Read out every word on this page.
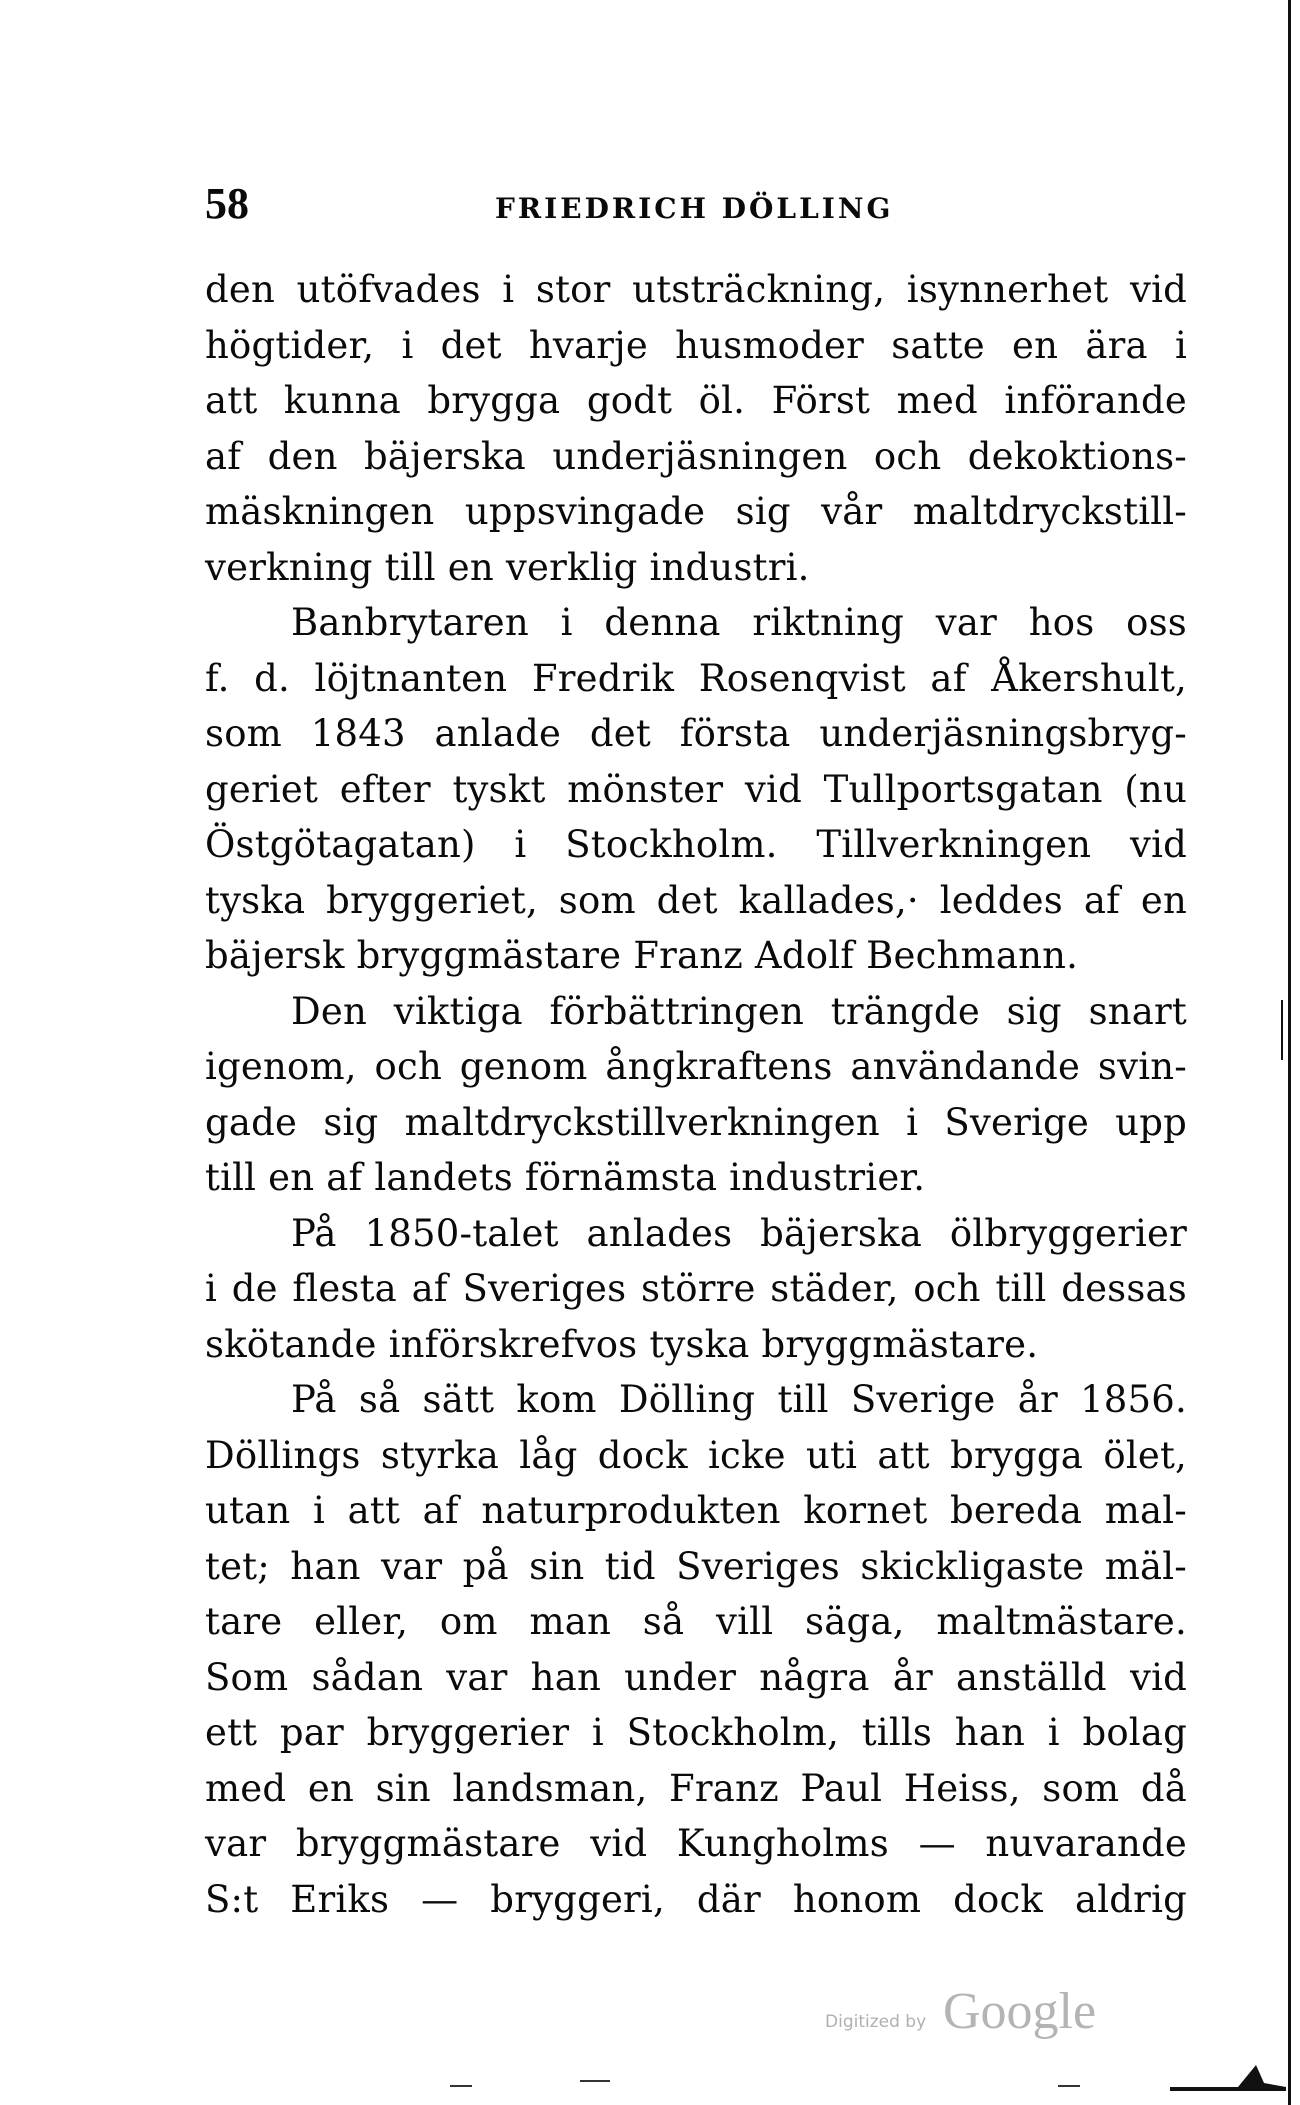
58	FRIEDRICH DÖLLING
den utöfvades i stor utsträckning, isynnerhet vid
högtider, i det hvarje husmoder satte en ära i
att kunna brygga godt öl. Först med införande
af den bäjerska underjäsningen och dekoktions-
mäskningen uppsvingade sig vår maltdryckstill-
verkning till en verklig industri.
Banbrytaren i denna riktning var hos oss
f. d. löjtnanten Fredrik Rosenqvist af Åkershult,
som 1843 anlade det första underjäsningsbryg-
geriet efter tyskt mönster vid Tullportsgatan (nu
Östgötagatan) i Stockholm. Tillverkningen vid
tyska bryggeriet, som det kallades,· leddes af en
bäjersk bryggmästare Franz Adolf Bechmann.
Den viktiga förbättringen trängde sig snart
igenom, och genom ångkraftens användande svin-
gade sig maltdryckstillverkningen i Sverige upp
till en af landets förnämsta industrier.
På 1850-talet anlades bäjerska ölbryggerier
i de flesta af Sveriges större städer, och till dessas
skötande införskrefvos tyska bryggmästare.
På så sätt kom Dölling till Sverige år 1856.
Döllings styrka låg dock icke uti att brygga ölet,
utan i att af naturprodukten kornet bereda mal-
tet; han var på sin tid Sveriges skickligaste mäl-
tare eller, om man så vill säga, maltmästare.
Som sådan var han under några år anställd vid
ett par bryggerier i Stockholm, tills han i bolag
med en sin landsman, Franz Paul Heiss, som då
var bryggmästare vid Kungholms — nuvarande
S:t Eriks — bryggeri, där honom dock aldrig
Digitized by Google
